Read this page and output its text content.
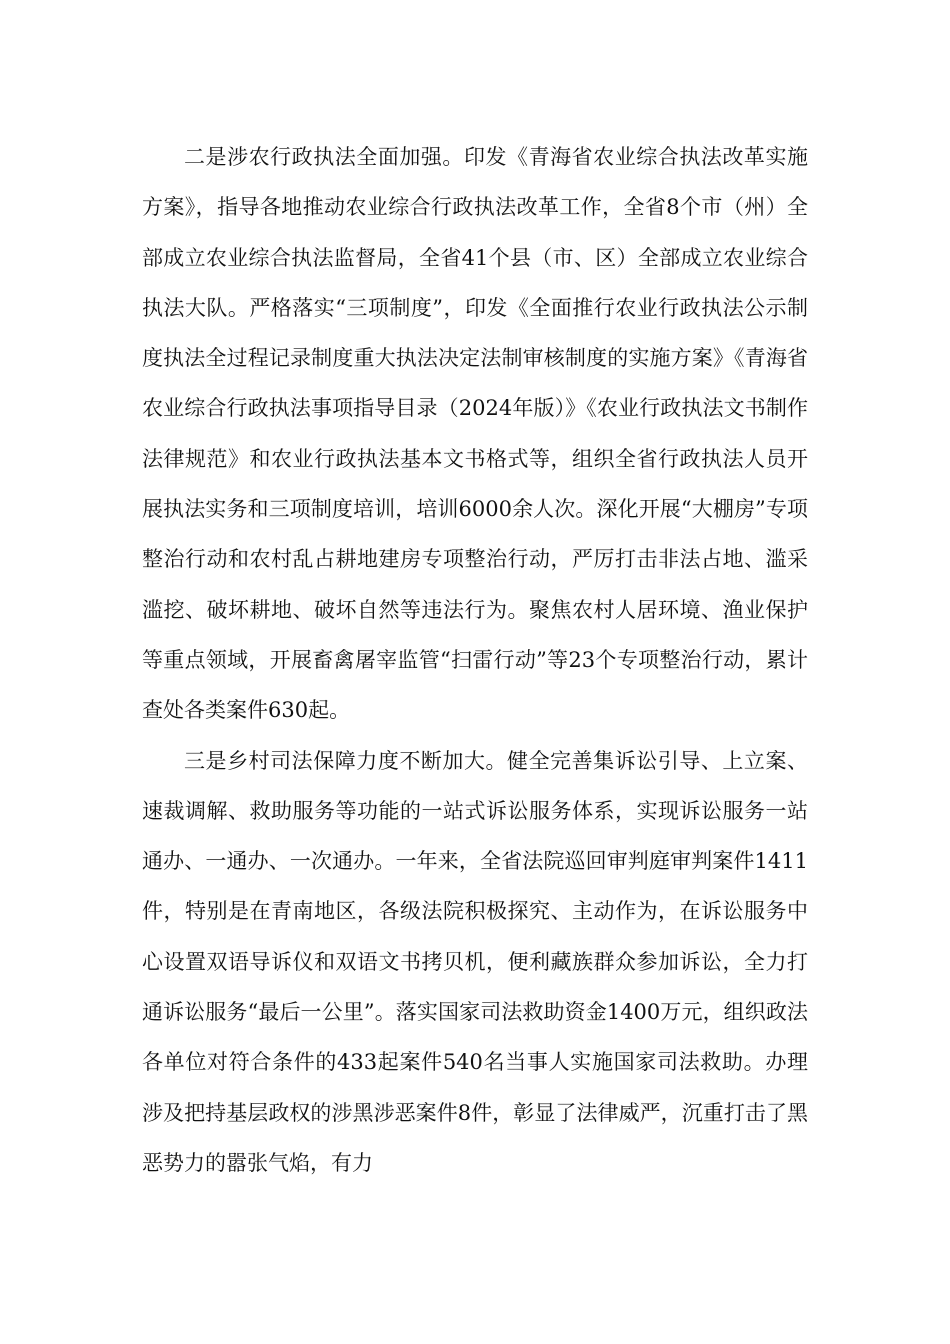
二是涉农行政执法全面加强。印发《青海省农业综合执法改革实施方案》，指导各地推动农业综合行政执法改革工作，全省8个市（州）全部成立农业综合执法监督局，全省41个县（市、区）全部成立农业综合执法大队。严格落实“三项制度”，印发《全面推行农业行政执法公示制度执法全过程记录制度重大执法决定法制审核制度的实施方案》《青海省农业综合行政执法事项指导目录（2024年版）》《农业行政执法文书制作法律规范》和农业行政执法基本文书格式等，组织全省行政执法人员开展执法实务和三项制度培训，培训6000余人次。深化开展“大棚房”专项整治行动和农村乱占耕地建房专项整治行动，严厉打击非法占地、滥采滥挖、破坏耕地、破坏自然等违法行为。聚焦农村人居环境、渔业保护等重点领域，开展畜禽屠宰监管“扫雷行动”等23个专项整治行动，累计查处各类案件630起。

三是乡村司法保障力度不断加大。健全完善集诉讼引导、上立案、速裁调解、救助服务等功能的一站式诉讼服务体系，实现诉讼服务一站通办、一通办、一次通办。一年来，全省法院巡回审判庭审判案件1411件，特别是在青南地区，各级法院积极探究、主动作为，在诉讼服务中心设置双语导诉仪和双语文书拷贝机，便利藏族群众参加诉讼，全力打通诉讼服务“最后一公里”。落实国家司法救助资金1400万元，组织政法各单位对符合条件的433起案件540名当事人实施国家司法救助。办理涉及把持基层政权的涉黑涉恶案件8件，彰显了法律威严，沉重打击了黑恶势力的嚣张气焰，有力
